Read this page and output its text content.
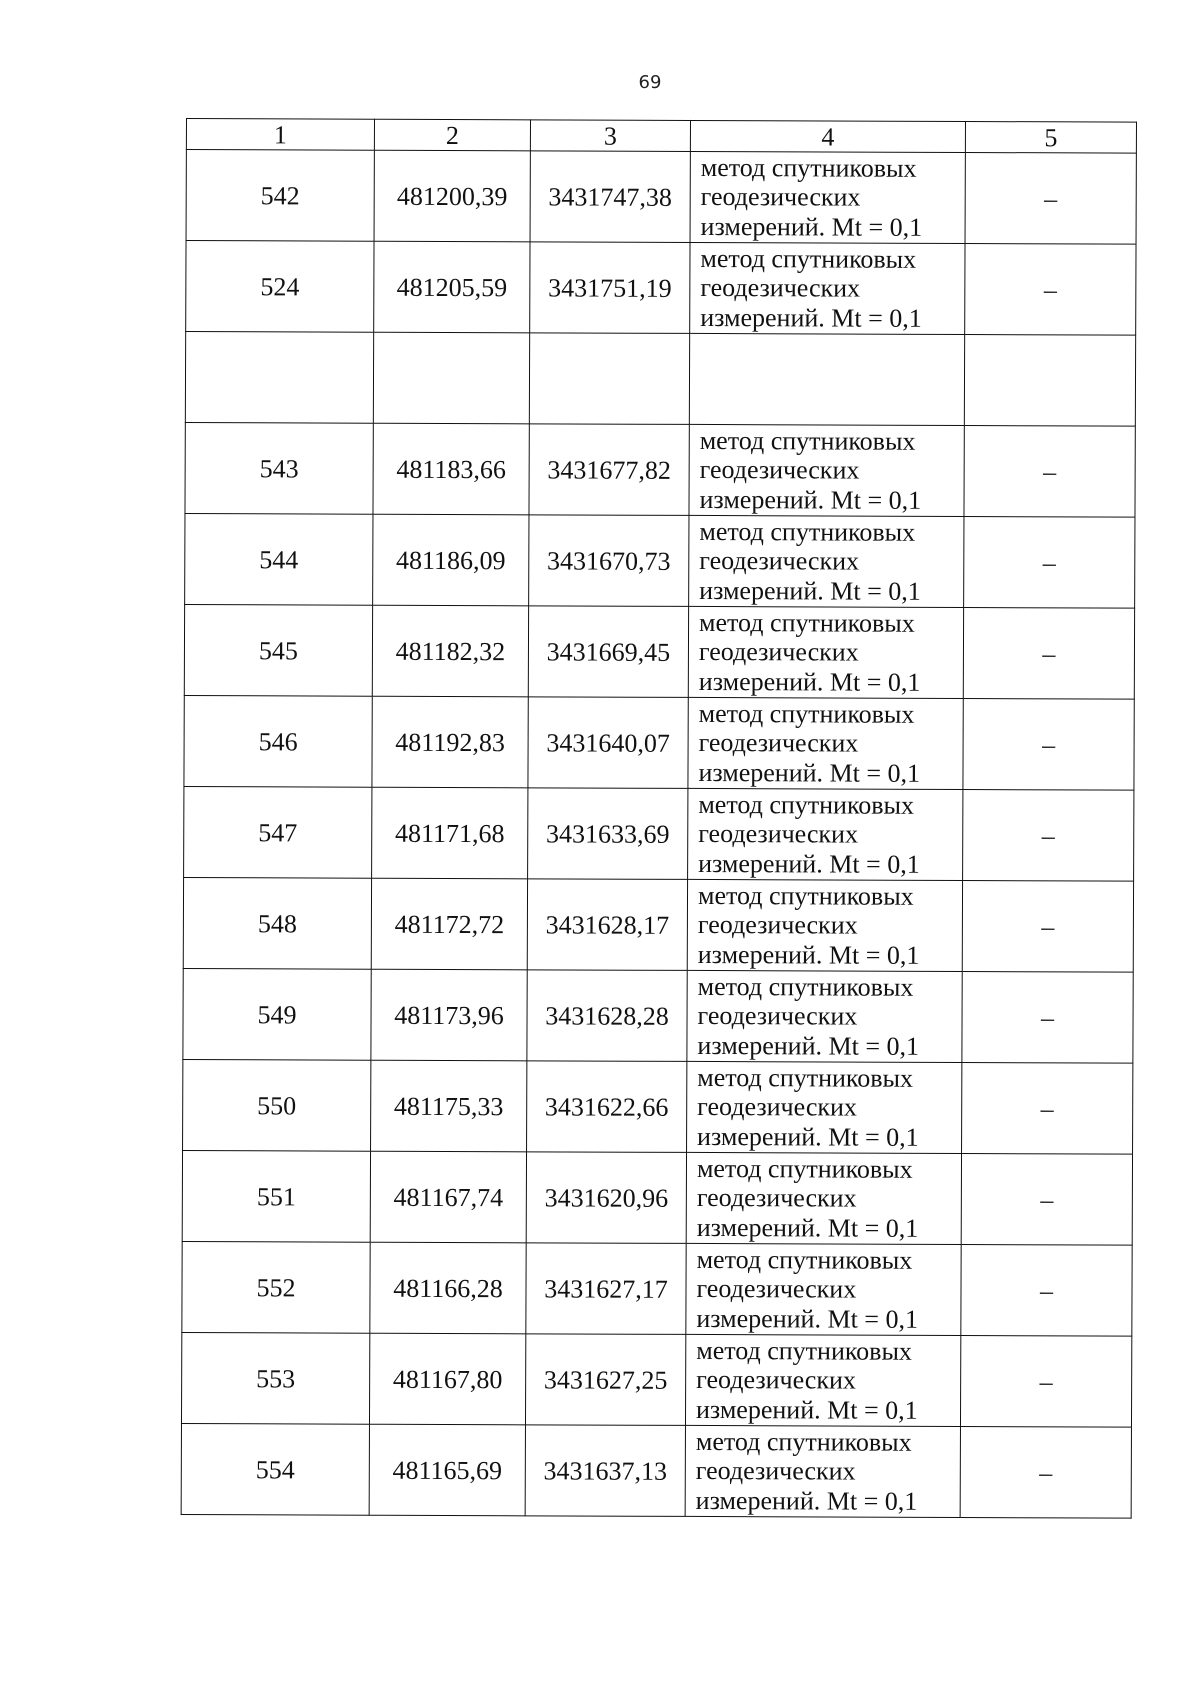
69
1	2	3	4	5
542	481200,39	3431747,38	метод спутниковых геодезических измерений. Mt = 0,1	–
524	481205,59	3431751,19	метод спутниковых геодезических измерений. Mt = 0,1	–

543	481183,66	3431677,82	метод спутниковых геодезических измерений. Mt = 0,1	–
544	481186,09	3431670,73	метод спутниковых геодезических измерений. Mt = 0,1	–
545	481182,32	3431669,45	метод спутниковых геодезических измерений. Mt = 0,1	–
546	481192,83	3431640,07	метод спутниковых геодезических измерений. Mt = 0,1	–
547	481171,68	3431633,69	метод спутниковых геодезических измерений. Mt = 0,1	–
548	481172,72	3431628,17	метод спутниковых геодезических измерений. Mt = 0,1	–
549	481173,96	3431628,28	метод спутниковых геодезических измерений. Mt = 0,1	–
550	481175,33	3431622,66	метод спутниковых геодезических измерений. Mt = 0,1	–
551	481167,74	3431620,96	метод спутниковых геодезических измерений. Mt = 0,1	–
552	481166,28	3431627,17	метод спутниковых геодезических измерений. Mt = 0,1	–
553	481167,80	3431627,25	метод спутниковых геодезических измерений. Mt = 0,1	–
554	481165,69	3431637,13	метод спутниковых геодезических измерений. Mt = 0,1	–
